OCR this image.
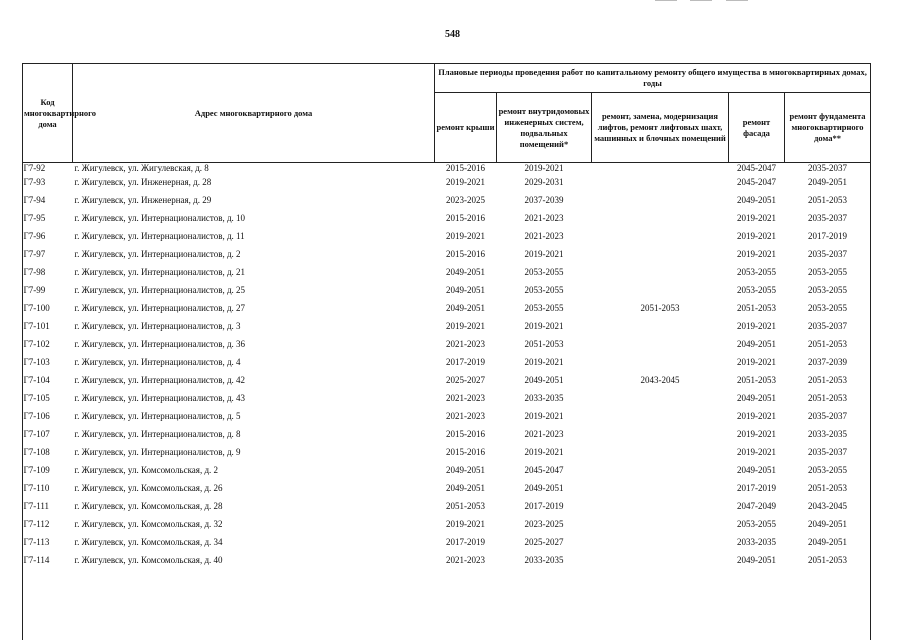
548
Код многоквартирного дома	Адрес многоквартирного дома	Плановые периоды проведения работ по капитальному ремонту общего имущества в многоквартирных домах, годы				
		ремонт крыши	ремонт внутридомовых инженерных систем, подвальных помещений*	ремонт, замена, модернизация лифтов, ремонт лифтовых шахт, машинных и блочных помещений	ремонт фасада	ремонт фундамента многоквартирного дома**
Г7-92	г. Жигулевск, ул. Жигулевская, д. 8	2015-2016	2019-2021		2045-2047	2035-2037
Г7-93	г. Жигулевск, ул. Инженерная, д. 28	2019-2021	2029-2031		2045-2047	2049-2051
Г7-94	г. Жигулевск, ул. Инженерная, д. 29	2023-2025	2037-2039		2049-2051	2051-2053
Г7-95	г. Жигулевск, ул. Интернационалистов, д. 10	2015-2016	2021-2023		2019-2021	2035-2037
Г7-96	г. Жигулевск, ул. Интернационалистов, д. 11	2019-2021	2021-2023		2019-2021	2017-2019
Г7-97	г. Жигулевск, ул. Интернационалистов, д. 2	2015-2016	2019-2021		2019-2021	2035-2037
Г7-98	г. Жигулевск, ул. Интернационалистов, д. 21	2049-2051	2053-2055		2053-2055	2053-2055
Г7-99	г. Жигулевск, ул. Интернационалистов, д. 25	2049-2051	2053-2055		2053-2055	2053-2055
Г7-100	г. Жигулевск, ул. Интернационалистов, д. 27	2049-2051	2053-2055	2051-2053	2051-2053	2053-2055
Г7-101	г. Жигулевск, ул. Интернационалистов, д. 3	2019-2021	2019-2021		2019-2021	2035-2037
Г7-102	г. Жигулевск, ул. Интернационалистов, д. 36	2021-2023	2051-2053		2049-2051	2051-2053
Г7-103	г. Жигулевск, ул. Интернационалистов, д. 4	2017-2019	2019-2021		2019-2021	2037-2039
Г7-104	г. Жигулевск, ул. Интернационалистов, д. 42	2025-2027	2049-2051	2043-2045	2051-2053	2051-2053
Г7-105	г. Жигулевск, ул. Интернационалистов, д. 43	2021-2023	2033-2035		2049-2051	2051-2053
Г7-106	г. Жигулевск, ул. Интернационалистов, д. 5	2021-2023	2019-2021		2019-2021	2035-2037
Г7-107	г. Жигулевск, ул. Интернационалистов, д. 8	2015-2016	2021-2023		2019-2021	2033-2035
Г7-108	г. Жигулевск, ул. Интернационалистов, д. 9	2015-2016	2019-2021		2019-2021	2035-2037
Г7-109	г. Жигулевск, ул. Комсомольская, д. 2	2049-2051	2045-2047		2049-2051	2053-2055
Г7-110	г. Жигулевск, ул. Комсомольская, д. 26	2049-2051	2049-2051		2017-2019	2051-2053
Г7-111	г. Жигулевск, ул. Комсомольская, д. 28	2051-2053	2017-2019		2047-2049	2043-2045
Г7-112	г. Жигулевск, ул. Комсомольская, д. 32	2019-2021	2023-2025		2053-2055	2049-2051
Г7-113	г. Жигулевск, ул. Комсомольская, д. 34	2017-2019	2025-2027		2033-2035	2049-2051
Г7-114	г. Жигулевск, ул. Комсомольская, д. 40	2021-2023	2033-2035		2049-2051	2051-2053
